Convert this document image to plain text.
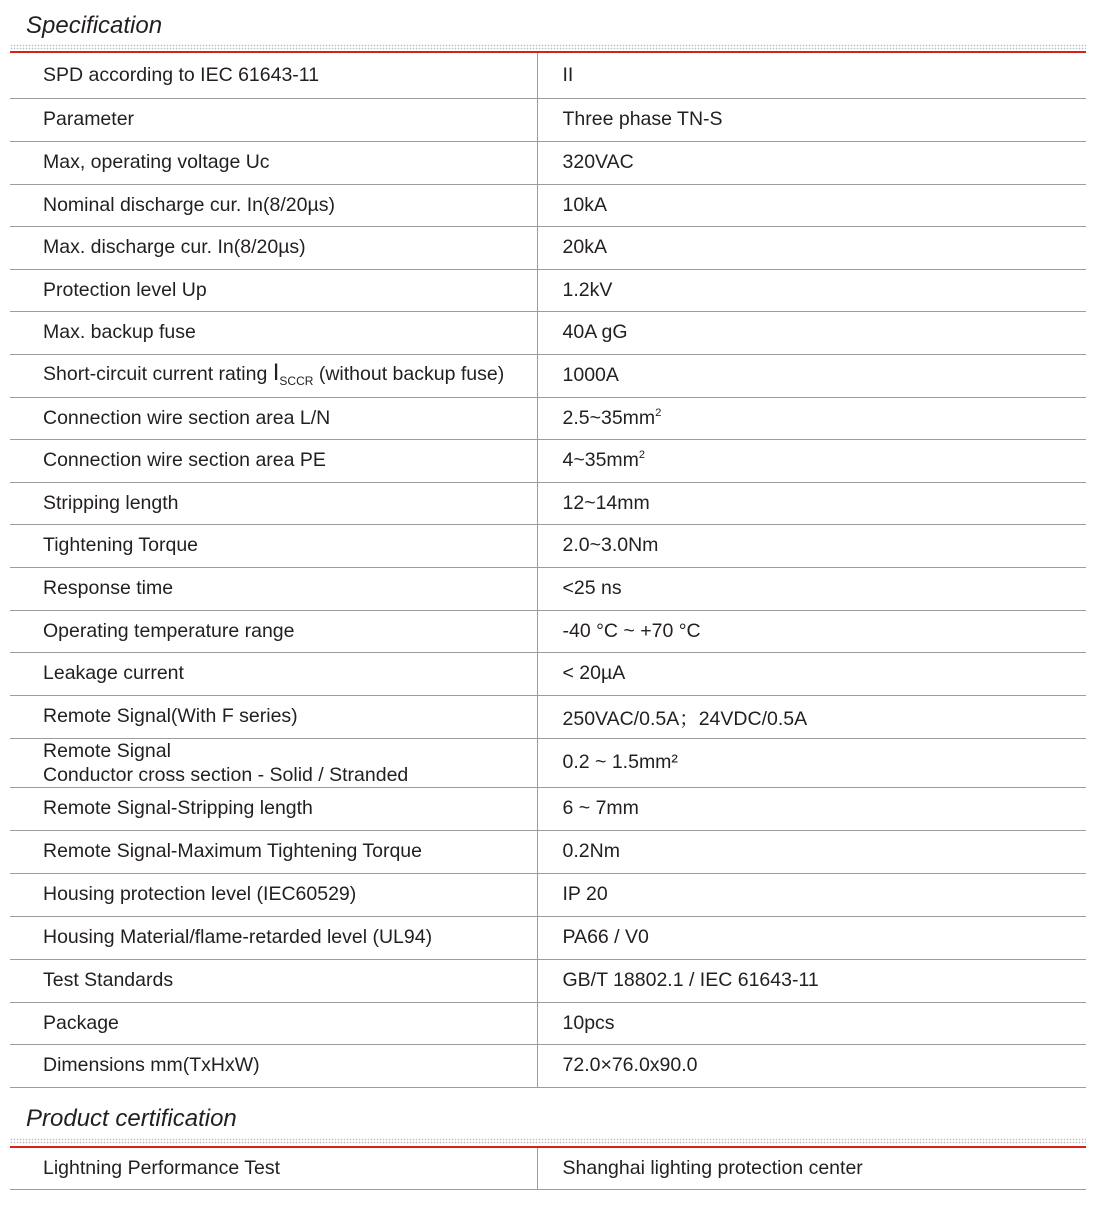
Specification
SPD according to IEC 61643-11	II
Parameter	Three phase TN-S
Max, operating voltage Uc	320VAC
Nominal discharge cur. In(8/20µs)	10kA
Max. discharge cur. In(8/20µs)	20kA
Protection level Up	1.2kV
Max. backup fuse	40A gG
Short-circuit current rating $I_{SCCR}$ (without backup fuse)	1000A
Connection wire section area L/N	$2.5\sim 35mm^2$
Connection wire section area PE	$4\sim 35mm^2$
Stripping length	12~14mm
Tightening Torque	2.0~3.0Nm
Response time	<25 ns
Operating temperature range	-40 °C ~ +70 °C
Leakage current	< 20µA
Remote Signal(With F series)	250VAC/0.5A；24VDC/0.5A

Remote Signal
Conductor cross section - Solid / Stranded	0.2 ~ 1.5mm²
Remote Signal-Stripping length	6 ~ 7mm
Remote Signal-Maximum Tightening Torque	0.2Nm
Housing protection level (IEC60529)	IP 20
Housing Material/flame-retarded level (UL94)	PA66 / V0
Test Standards	GB/T 18802.1 / IEC 61643-11
Package	10pcs
Dimensions mm(TxHxW)	72.0×76.0x90.0
Product certification
Lightning Performance Test	Shanghai lighting protection center
